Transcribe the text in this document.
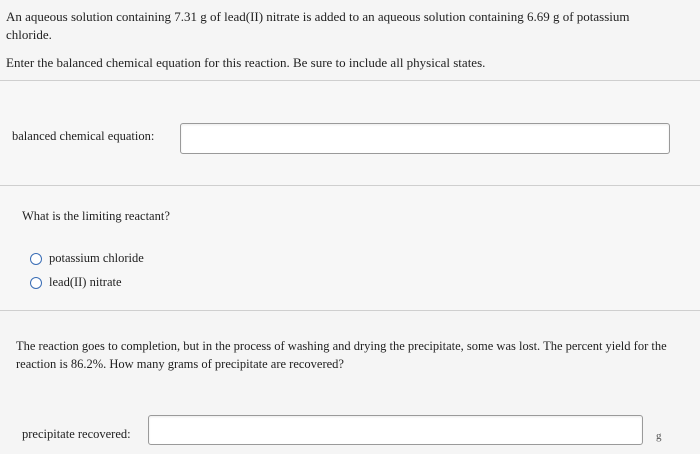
An aqueous solution containing 7.31 g of lead(II) nitrate is added to an aqueous solution containing 6.69 g of potassium chloride.
Enter the balanced chemical equation for this reaction. Be sure to include all physical states.
balanced chemical equation:
What is the limiting reactant?
potassium chloride
lead(II) nitrate
The reaction goes to completion, but in the process of washing and drying the precipitate, some was lost. The percent yield for the reaction is 86.2%. How many grams of precipitate are recovered?
precipitate recovered:	g
